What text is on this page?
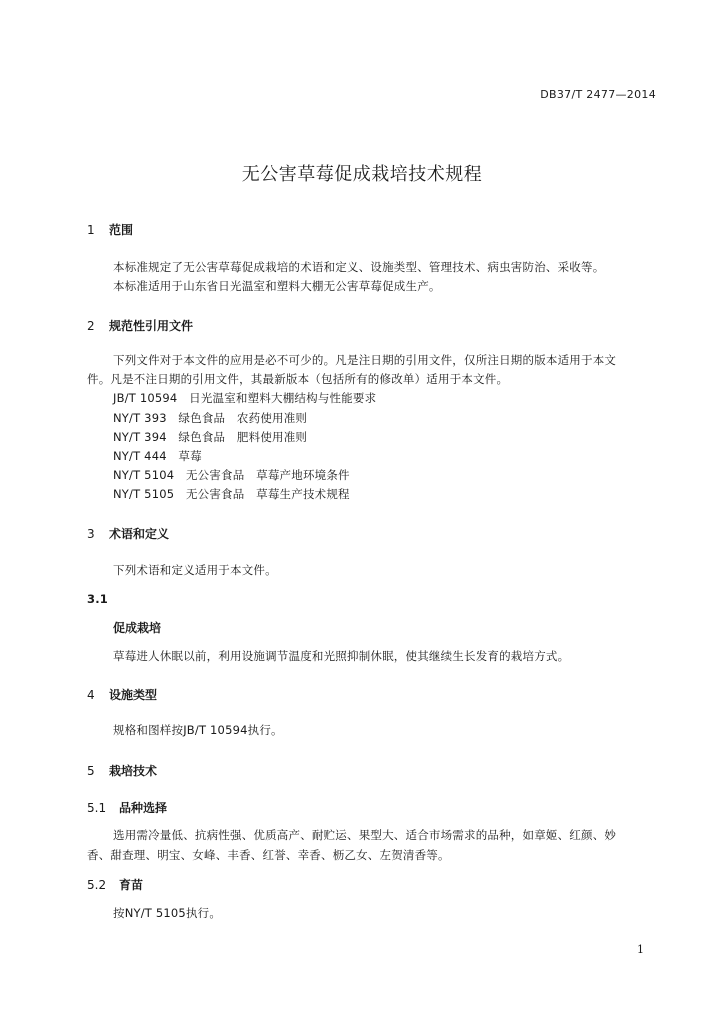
DB37/T 2477—2014
无公害草莓促成栽培技术规程
1 范围
本标准规定了无公害草莓促成栽培的术语和定义、设施类型、管理技术、病虫害防治、采收等。
本标准适用于山东省日光温室和塑料大棚无公害草莓促成生产。
2 规范性引用文件
下列文件对于本文件的应用是必不可少的。凡是注日期的引用文件，仅所注日期的版本适用于本文
件。凡是不注日期的引用文件，其最新版本（包括所有的修改单）适用于本文件。
JB/T 10594　日光温室和塑料大棚结构与性能要求
NY/T 393　绿色食品　农药使用准则
NY/T 394　绿色食品　肥料使用准则
NY/T 444　草莓
NY/T 5104　无公害食品　草莓产地环境条件
NY/T 5105　无公害食品　草莓生产技术规程
3 术语和定义
下列术语和定义适用于本文件。
3.1
促成栽培
草莓进人休眠以前，利用设施调节温度和光照抑制休眠，使其继续生长发育的栽培方式。
4 设施类型
规格和图样按JB/T 10594执行。
5 栽培技术
5.1 品种选择
选用需冷量低、抗病性强、优质高产、耐贮运、果型大、适合市场需求的品种，如章姬、红颜、妙
香、甜查理、明宝、女峰、丰香、红誉、幸香、枥乙女、左贺清香等。
5.2 育苗
按NY/T 5105执行。
1
